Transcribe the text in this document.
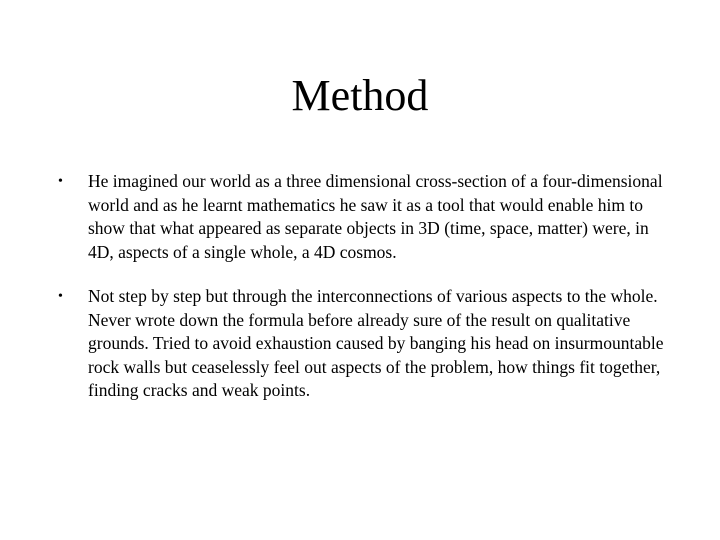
Method
• He imagined our world as a three dimensional cross-section of a four-dimensional world and as he learnt mathematics he saw it as a tool that would enable him to show that what appeared as separate objects in 3D (time, space, matter) were, in 4D, aspects of a single whole, a 4D cosmos.
• Not step by step but through the interconnections of various aspects to the whole. Never wrote down the formula before already sure of the result on qualitative grounds. Tried to avoid exhaustion caused by banging his head on insurmountable rock walls but ceaselessly feel out aspects of the problem, how things fit together, finding cracks and weak points.
